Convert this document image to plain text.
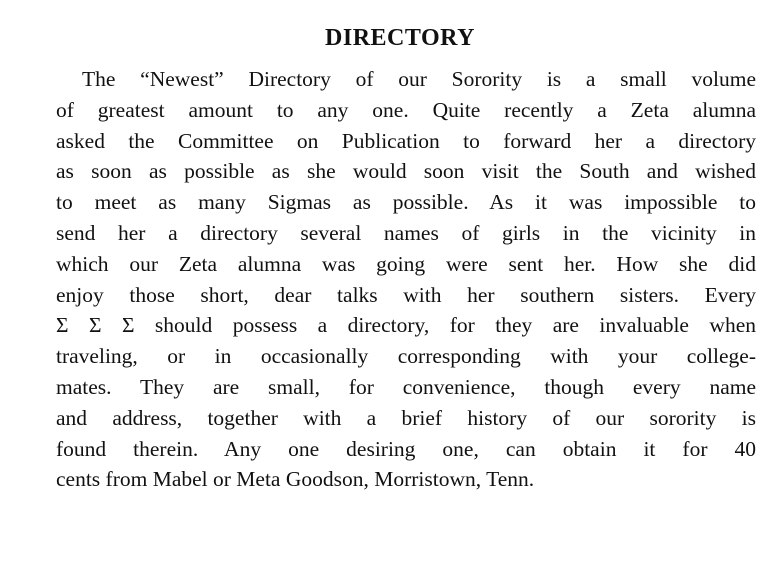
DIRECTORY
The “Newest” Directory of our Sorority is a small volume
of greatest amount to any one. Quite recently a Zeta alumna
asked the Committee on Publication to forward her a directory
as soon as possible as she would soon visit the South and wished
to meet as many Sigmas as possible. As it was impossible to
send her a directory several names of girls in the vicinity in
which our Zeta alumna was going were sent her. How she did
enjoy those short, dear talks with her southern sisters. Every
Σ Σ Σ should possess a directory, for they are invaluable when
traveling, or in occasionally corresponding with your college-
mates. They are small, for convenience, though every name
and address, together with a brief history of our sorority is
found therein. Any one desiring one, can obtain it for 40
cents from Mabel or Meta Goodson, Morristown, Tenn.
